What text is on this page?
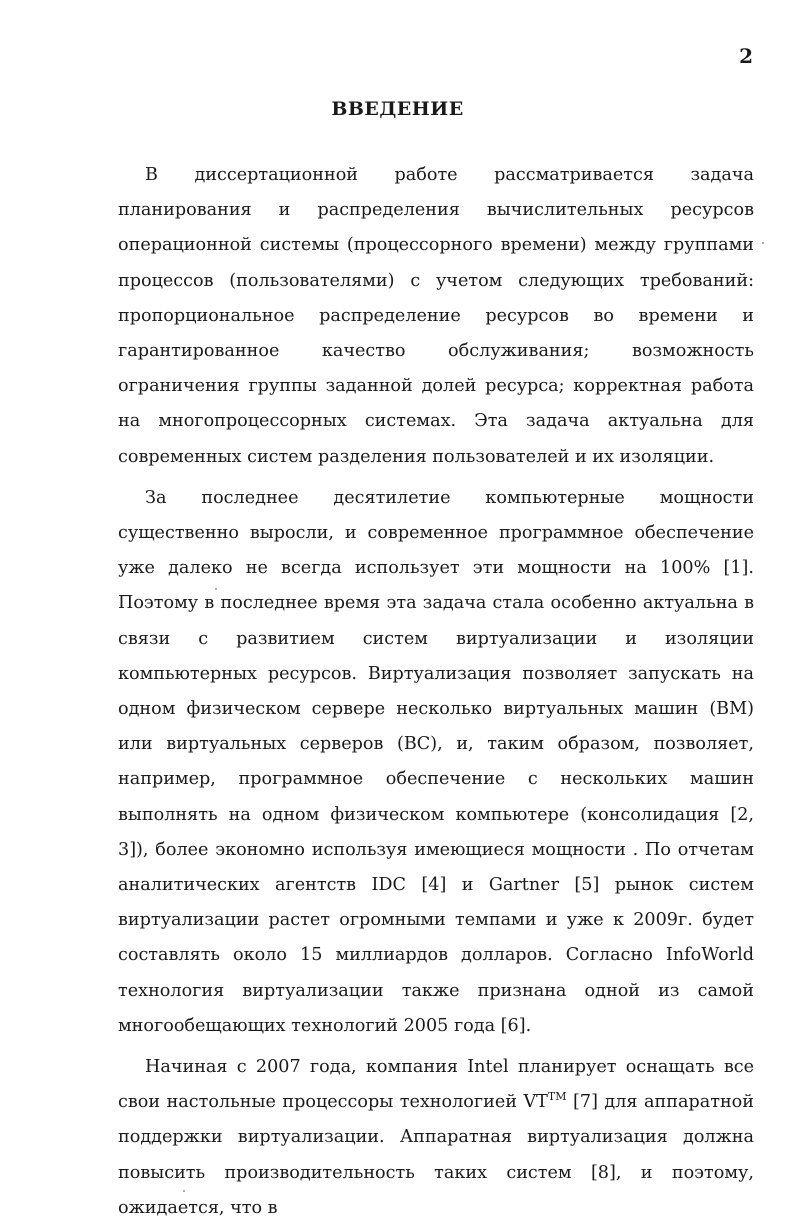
2
ВВЕДЕНИЕ

В диссертационной работе рассматривается задача планирования и распределения вычислительных ресурсов операционной системы (процессорного времени) между группами процессов (пользователями) с учетом следующих требований: пропорциональное распределение ресурсов во времени и гарантированное качество обслуживания; возможность ограничения группы заданной долей ресурса; корректная работа на многопроцессорных системах. Эта задача актуальна для современных систем разделения пользователей и их изоляции.

За последнее десятилетие компьютерные мощности существенно выросли, и современное программное обеспечение уже далеко не всегда использует эти мощности на 100% [1]. Поэтому в последнее время эта задача стала особенно актуальна в связи с развитием систем виртуализации и изоляции компьютерных ресурсов. Виртуализация позволяет запускать на одном физическом сервере несколько виртуальных машин (ВМ) или виртуальных серверов (ВС), и, таким образом, позволяет, например, программное обеспечение с нескольких машин выполнять на одном физическом компьютере (консолидация [2, 3]), более экономно используя имеющиеся мощности . По отчетам аналитических агентств IDC [4] и Gartner [5] рынок систем виртуализации растет огромными темпами и уже к 2009г. будет составлять около 15 миллиардов долларов. Согласно InfoWorld технология виртуализации также признана одной из самой многообещающих технологий 2005 года [6].

Начиная с 2007 года, компания Intel планирует оснащать все свои настольные процессоры технологией VT™ [7] для аппаратной поддержки виртуализации. Аппаратная виртуализация должна повысить производительность таких систем [8], и поэтому, ожидается, что в
